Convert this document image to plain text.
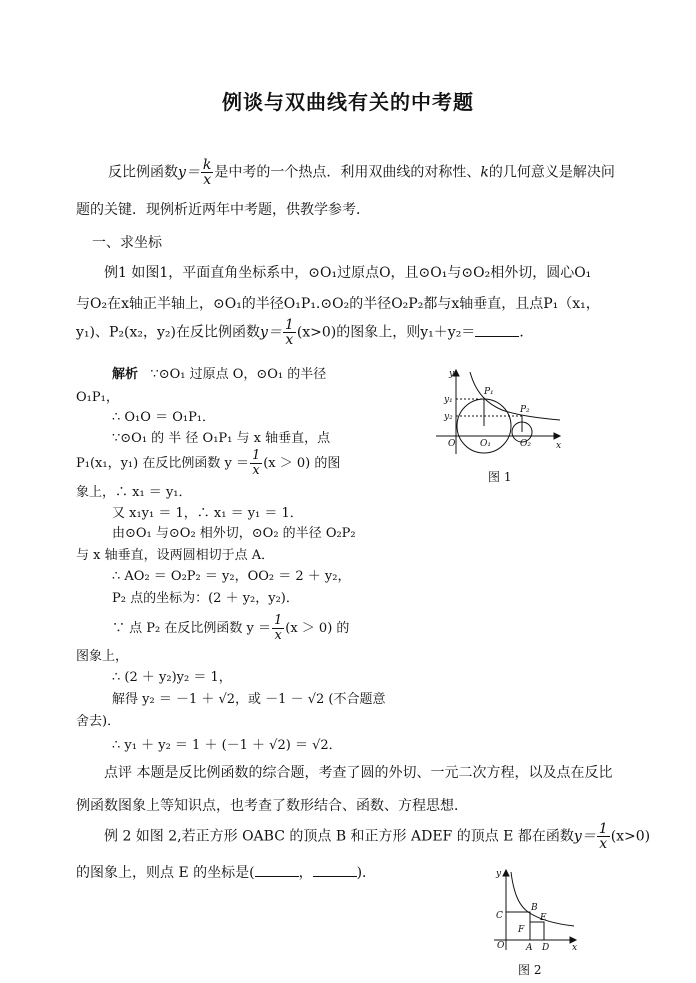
例谈与双曲线有关的中考题
反比例函数$y= \frac{k}{x}$ 是中考的一个热点．利用双曲线的对称性、k的几何意义是解决问
题的关键．现例析近两年中考题，供教学参考．
一、求坐标
例1 如图1，平面直角坐标系中，⊙O₁过原点O，且⊙O₁与⊙O₂相外切，圆心O₁
与O₂在x轴正半轴上，⊙O₁的半径O₁P₁.⊙O₂的半径O₂P₂都与x轴垂直，且点P₁（x₁，
y₁)、P₂(x₂，y₂)在反比例函数$y= \frac{1}{x} (x>0)$的图象上，则y₁＋y₂＝	．
解析 ∵⊙O₁ 过原点 O，⊙O₁ 的半径
O₁P₁，
∴ O₁O ＝ O₁P₁．
∵⊙O₁ 的 半 径 O₁P₁ 与 x 轴垂直，点
P₁(x₁，y₁) 在反比例函数 $y = \frac{1}{x} (x > 0)$ 的图
象上，∴ x₁ ＝ y₁．
又 x₁y₁ ＝ 1，∴ x₁ ＝ y₁ ＝ 1．
由⊙O₁ 与⊙O₂ 相外切，⊙O₂ 的半径 O₂P₂
与 x 轴垂直，设两圆相切于点 A．
∴ AO₂ ＝ O₂P₂ ＝ y₂，OO₂ ＝ 2 ＋ y₂，
P₂ 点的坐标为：(2 ＋ y₂，y₂)．
∵ 点 P₂ 在反比例函数 $y = \frac{1}{x} (x > 0)$ 的
图象上，
∴ (2 ＋ y₂)y₂ ＝ 1，
解得 y₂ ＝ －1 ＋ √2，或 －1 － √2 (不合题意
舍去)．
∴ y₁ ＋ y₂ ＝ 1 ＋ (－1 ＋ √2) ＝ √2．
y
x
O	O₁	O₂
P₁
P₂
y₁
y₂
图 1
点评 本题是反比例函数的综合题，考查了圆的外切、一元二次方程，以及点在反比
例函数图象上等知识点，也考查了数形结合、函数、方程思想．
例 2 如图 2,若正方形 OABC 的顶点 B 和正方形 ADEF 的顶点 E 都在函数$y= \frac{1}{x} (x>0)$
的图象上，则点 E 的坐标是(	，	)．	y
x
O A D
C
B
E
F
图 2
